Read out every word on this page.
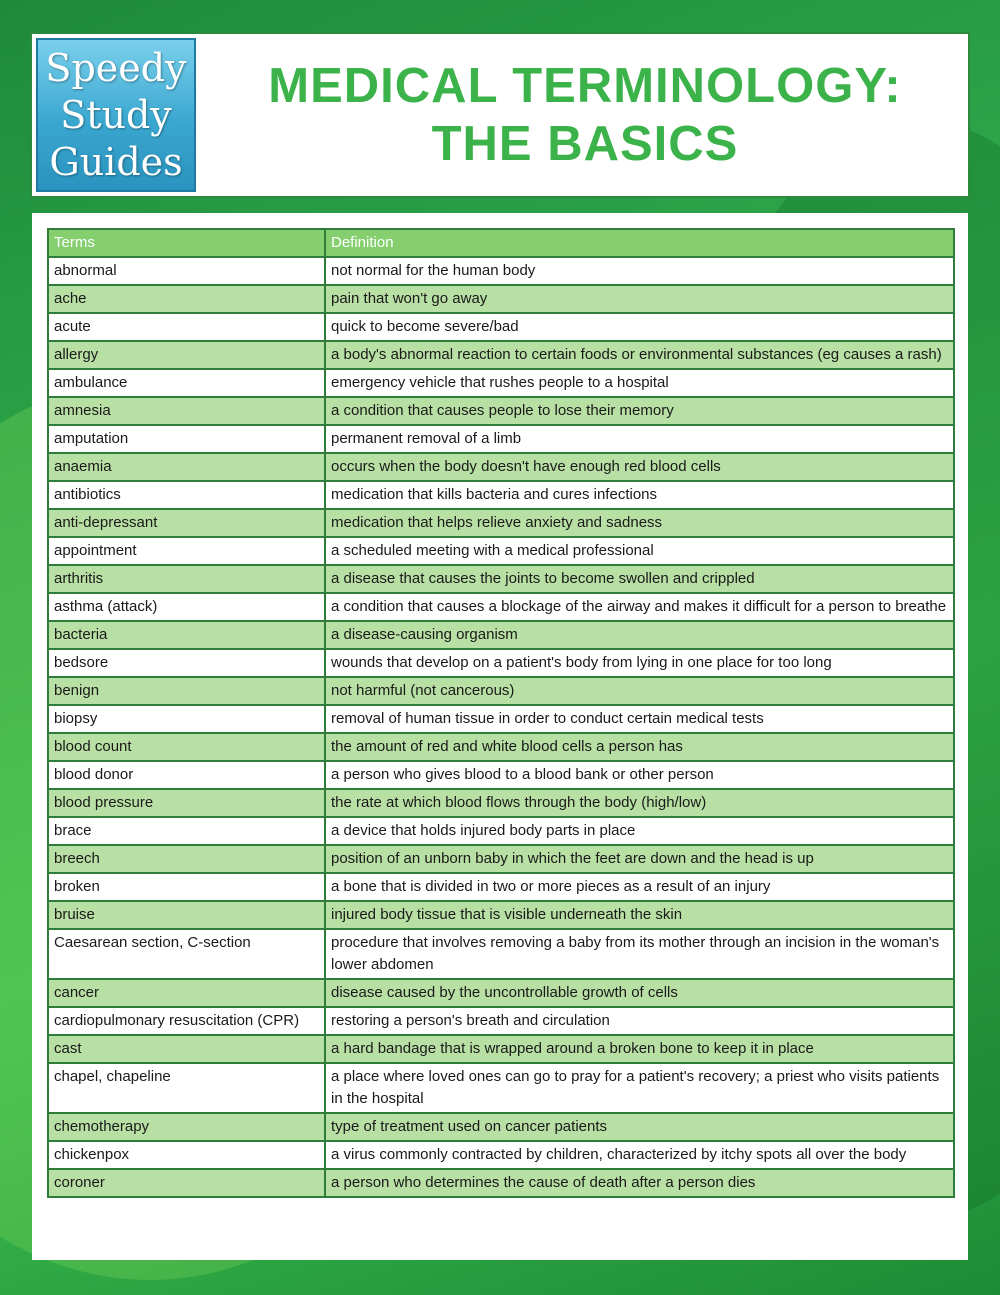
Speedy
Study
Guides
MEDICAL TERMINOLOGY:
THE BASICS
Terms	Definition
abnormal	not normal for the human body
ache	pain that won't go away
acute	quick to become severe/bad
allergy	a body's abnormal reaction to certain foods or environmental substances (eg causes a rash)
ambulance	emergency vehicle that rushes people to a hospital
amnesia	a condition that causes people to lose their memory
amputation	permanent removal of a limb
anaemia	occurs when the body doesn't have enough red blood cells
antibiotics	medication that kills bacteria and cures infections
anti-depressant	medication that helps relieve anxiety and sadness
appointment	a scheduled meeting with a medical professional
arthritis	a disease that causes the joints to become swollen and crippled
asthma (attack)	a condition that causes a blockage of the airway and makes it difficult for a person to breathe
bacteria	a disease-causing organism
bedsore	wounds that develop on a patient's body from lying in one place for too long
benign	not harmful (not cancerous)
biopsy	removal of human tissue in order to conduct certain medical tests
blood count	the amount of red and white blood cells a person has
blood donor	a person who gives blood to a blood bank or other person
blood pressure	the rate at which blood flows through the body (high/low)
brace	a device that holds injured body parts in place
breech	position of an unborn baby in which the feet are down and the head is up
broken	a bone that is divided in two or more pieces as a result of an injury
bruise	injured body tissue that is visible underneath the skin
Caesarean section, C-section	procedure that involves removing a baby from its mother through an incision in the woman's lower abdomen
cancer	disease caused by the uncontrollable growth of cells
cardiopulmonary resuscitation (CPR)	restoring a person's breath and circulation
cast	a hard bandage that is wrapped around a broken bone to keep it in place
chapel, chapeline	a place where loved ones can go to pray for a patient's recovery; a priest who visits patients in the hospital
chemotherapy	type of treatment used on cancer patients
chickenpox	a virus commonly contracted by children, characterized by itchy spots all over the body
coroner	a person who determines the cause of death after a person dies
